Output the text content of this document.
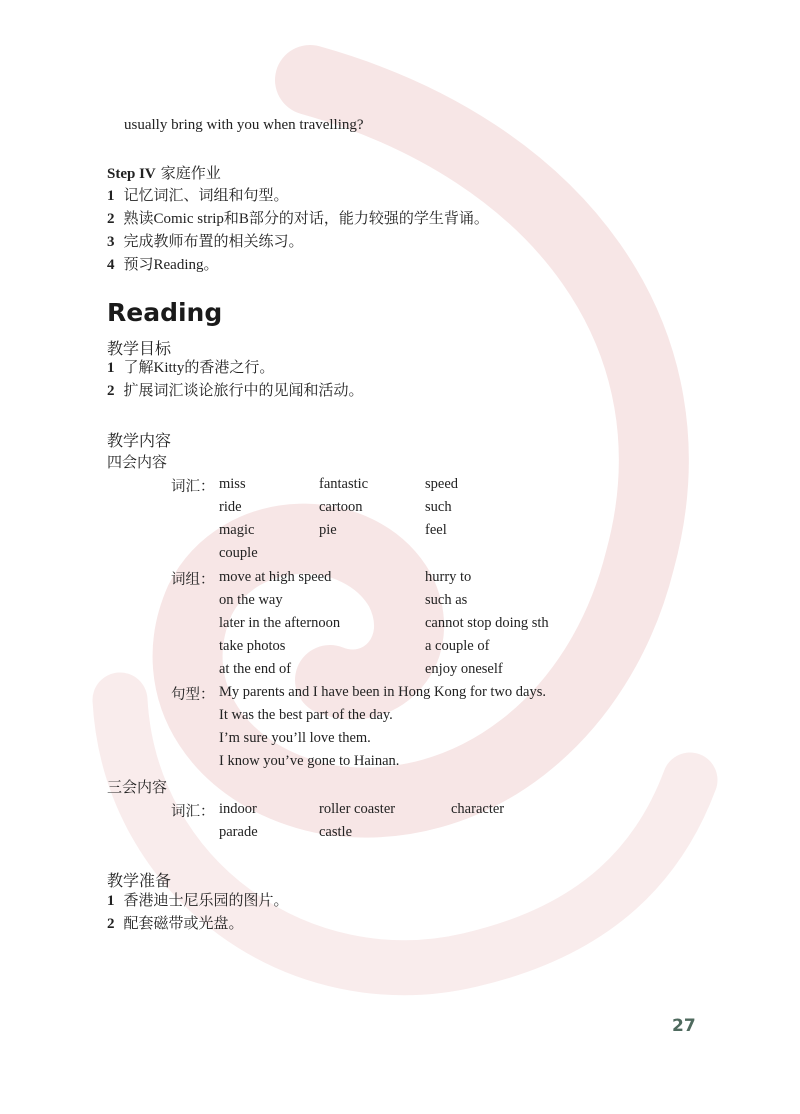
usually bring with you when travelling?
Step IV 家庭作业
1 记忆词汇、词组和句型。
2 熟读Comic strip和B部分的对话，能力较强的学生背诵。
3 完成教师布置的相关练习。
4 预习Reading。
Reading
教学目标
1 了解Kitty的香港之行。
2 扩展词汇谈论旅行中的见闻和活动。
教学内容
四会内容
词汇： miss	fantastic	speed
ride	cartoon	such
magic	pie	feel
couple
词组： move at high speed	hurry to
on the way	such as
later in the afternoon	cannot stop doing sth
take photos	a couple of
at the end of	enjoy oneself
句型： My parents and I have been in Hong Kong for two days.
It was the best part of the day.
I’m sure you’ll love them.
I know you’ve gone to Hainan.
三会内容
词汇： indoor	roller coaster	character
parade	castle
教学准备
1 香港迪士尼乐园的图片。
2 配套磁带或光盘。
27
